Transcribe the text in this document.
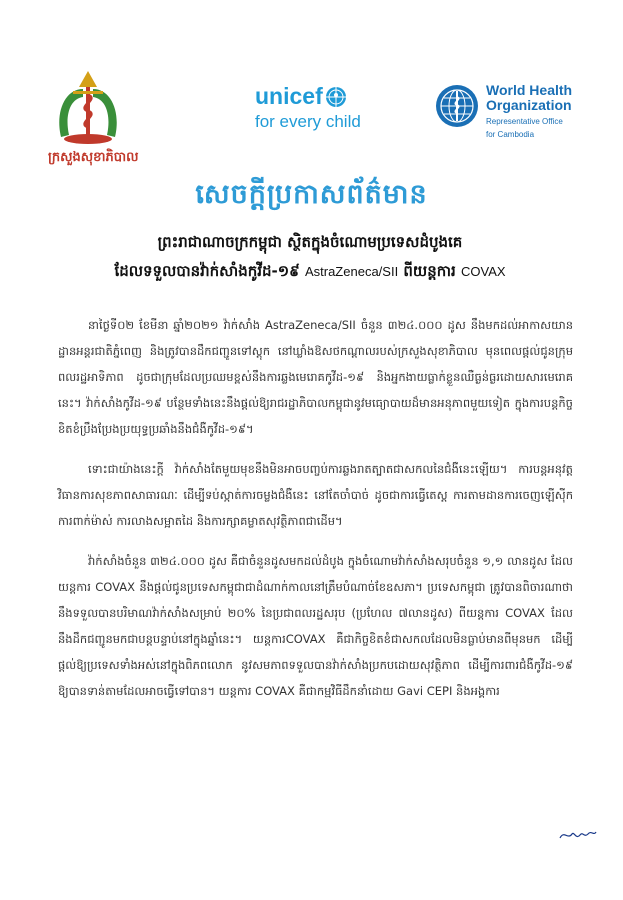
ក្រសួងសុខាភិបាល
unicef
for every child
World Health
Organization
Representative Office
for Cambodia
សេចក្ដីប្រកាសព័ត៌មាន
ព្រះរាជាណាចក្រកម្ពុជា ស្ថិតក្នុងចំណោមប្រទេសដំបូងគេ
ដែលទទួលបានវ៉ាក់សាំងកូវីដ-១៩ AstraZeneca/SII ពីយន្តការ COVAX

នាថ្ងៃទី០២ ខែមីនា ឆ្នាំ២០២១ វ៉ាក់សាំង AstraZeneca/SII ចំនួន ៣២៤.០០០ ដូស នឹងមកដល់អាកាសយានដ្ឋានអន្តរជាតិភ្នំពេញ និងត្រូវបានដឹកជញ្ជូនទៅស្តុក នៅឃ្លាំងឱសថកណ្តាលរបស់ក្រសួងសុខាភិបាល មុនពេលផ្តល់ជូនក្រុមពលរដ្ឋអាទិភាព ដូចជាក្រុមដែលប្រឈមខ្ពស់នឹងការឆ្លងមេរោគកូវីដ-១៩ និងអ្នកងាយធ្លាក់ខ្លួនឈឺធ្ងន់ធ្ងរដោយសារមេរោគនេះ។ វ៉ាក់សាំងកូវីដ-១៩ បន្ថែមទាំងនេះនឹងផ្តល់ឱ្យរាជរដ្ឋាភិបាលកម្ពុជានូវមធ្យោបាយដ៏មានអនុភាពមួយទៀត ក្នុងការបន្តកិច្ចខិតខំប្រឹងប្រែងប្រយុទ្ធប្រឆាំងនឹងជំងឺកូវីដ-១៩។

ទោះជាយ៉ាងនេះក្តី វ៉ាក់សាំងតែមួយមុខនឹងមិនអាចបញ្ចប់ការឆ្លងរាតត្បាតជាសកលនៃជំងឺនេះឡើយ។ ការបន្តអនុវត្តវិធានការសុខភាពសាធារណៈ ដើម្បីទប់ស្កាត់ការចម្លងជំងឺនេះ នៅតែចាំបាច់ ដូចជាការធ្វើតេស្ត ការតាមដានការចេញឡើស៊ីក ការពាក់ម៉ាស់ ការលាងសម្អាតដៃ និងការក្សាគម្លាតសុវត្ថិភាពជាដើម។

វ៉ាក់សាំងចំនួន ៣២៤.០០០ ដូស គឺជាចំនួនដូសមកដល់ដំបូង ក្នុងចំណោមវ៉ាក់សាំងសរុបចំនួន ១,១ លានដូស ដែលយន្តការ COVAX នឹងផ្តល់ជូនប្រទេសកម្ពុជាជាដំណាក់កាលនៅត្រឹមបំណាច់ខែឧសភា។ ប្រទេសកម្ពុជា ត្រូវបានពិចារណាថានឹងទទួលបានបរិមាណវ៉ាក់សាំងសម្រាប់ ២០% នៃប្រជាពលរដ្ឋសរុប (ប្រហែល ៧លានដូស) ពីយន្តការ COVAX ដែលនឹងដឹកជញ្ជូនមកជាបន្តបន្ទាប់នៅក្នុងឆ្នាំនេះ។ យន្តការCOVAX គឺជាកិច្ចខិតខំជាសកលដែលមិនធ្លាប់មានពីមុនមក ដើម្បីផ្តល់ឱ្យប្រទេសទាំងអស់នៅក្នុងពិភពលោក នូវសមភាពទទួលបានវ៉ាក់សាំងប្រកបដោយសុវត្ថិភាព ដើម្បីការពារជំងឺកូវីដ-១៩ ឱ្យបានទាន់តាមដែលអាចធ្វើទៅបាន។ យន្តការ COVAX គឺជាកម្មវិធីដឹកនាំដោយ Gavi CEPI និងអង្គការ
